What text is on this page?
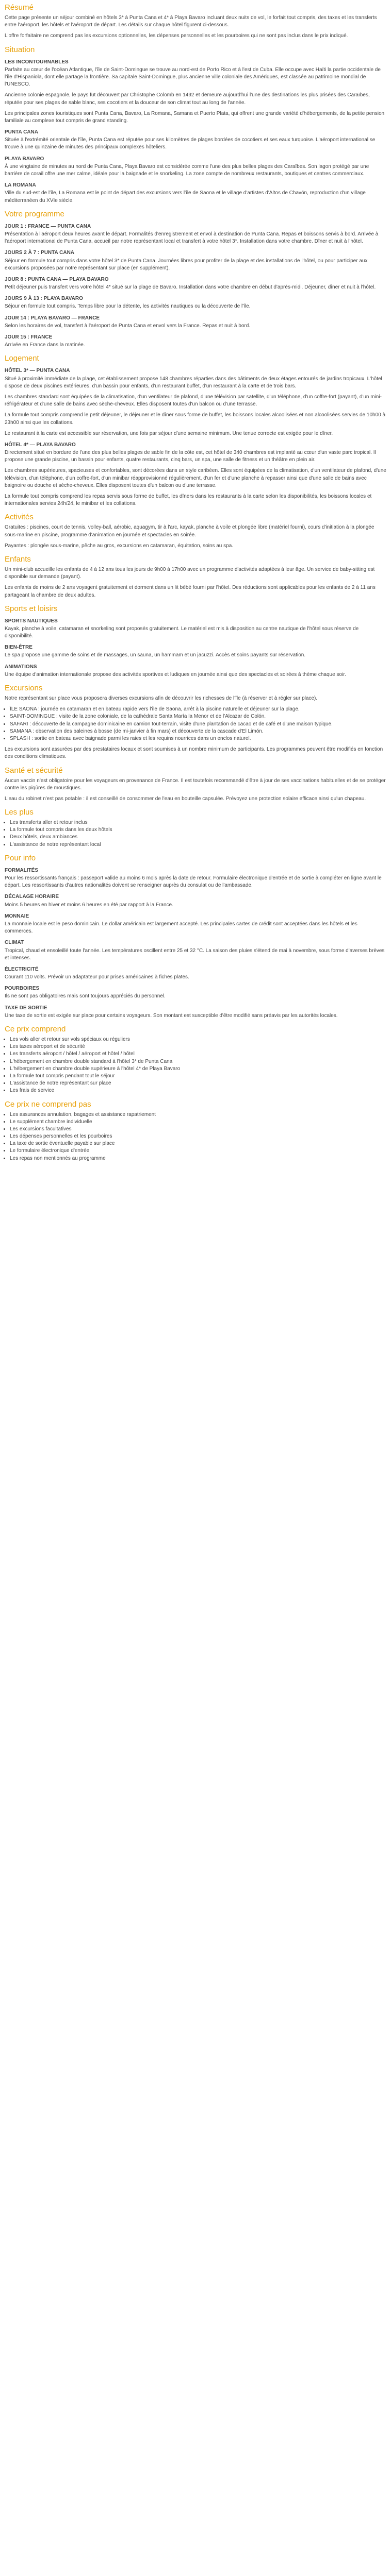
Résumé

Cette page présente un séjour combiné en hôtels 3* à Punta Cana et 4* à Playa Bavaro incluant deux nuits de vol, le forfait tout compris, des taxes et les transferts entre l'aéroport, les hôtels et l'aéroport de départ. Les détails sur chaque hôtel figurent ci-dessous.

L'offre forfaitaire ne comprend pas les excursions optionnelles, les dépenses personnelles et les pourboires qui ne sont pas inclus dans le prix indiqué.

Situation
LES INCONTOURNABLES

Parfaite au cœur de l'océan Atlantique, l'île de Saint-Domingue se trouve au nord-est de Porto Rico et à l'est de Cuba. Elle occupe avec Haïti la partie occidentale de l'île d'Hispaniola, dont elle partage la frontière. Sa capitale Saint-Domingue, plus ancienne ville coloniale des Amériques, est classée au patrimoine mondial de l'UNESCO.

Ancienne colonie espagnole, le pays fut découvert par Christophe Colomb en 1492 et demeure aujourd'hui l'une des destinations les plus prisées des Caraïbes, réputée pour ses plages de sable blanc, ses cocotiers et la douceur de son climat tout au long de l'année.

Les principales zones touristiques sont Punta Cana, Bavaro, La Romana, Samana et Puerto Plata, qui offrent une grande variété d'hébergements, de la petite pension familiale au complexe tout compris de grand standing.

PUNTA CANA

Située à l'extrémité orientale de l'île, Punta Cana est réputée pour ses kilomètres de plages bordées de cocotiers et ses eaux turquoise. L'aéroport international se trouve à une quinzaine de minutes des principaux complexes hôteliers.

PLAYA BAVARO

À une vingtaine de minutes au nord de Punta Cana, Playa Bavaro est considérée comme l'une des plus belles plages des Caraïbes. Son lagon protégé par une barrière de corail offre une mer calme, idéale pour la baignade et le snorkeling. La zone compte de nombreux restaurants, boutiques et centres commerciaux.

LA ROMANA

Ville du sud-est de l'île, La Romana est le point de départ des excursions vers l'île de Saona et le village d'artistes d'Altos de Chavón, reproduction d'un village méditerranéen du XVIe siècle.

Votre programme
JOUR 1 : FRANCE — PUNTA CANA

Présentation à l'aéroport deux heures avant le départ. Formalités d'enregistrement et envol à destination de Punta Cana. Repas et boissons servis à bord. Arrivée à l'aéroport international de Punta Cana, accueil par notre représentant local et transfert à votre hôtel 3*. Installation dans votre chambre. Dîner et nuit à l'hôtel.

JOURS 2 À 7 : PUNTA CANA

Séjour en formule tout compris dans votre hôtel 3* de Punta Cana. Journées libres pour profiter de la plage et des installations de l'hôtel, ou pour participer aux excursions proposées par notre représentant sur place (en supplément).

JOUR 8 : PUNTA CANA — PLAYA BAVARO

Petit déjeuner puis transfert vers votre hôtel 4* situé sur la plage de Bavaro. Installation dans votre chambre en début d'après-midi. Déjeuner, dîner et nuit à l'hôtel.

JOURS 9 À 13 : PLAYA BAVARO

Séjour en formule tout compris. Temps libre pour la détente, les activités nautiques ou la découverte de l'île.

JOUR 14 : PLAYA BAVARO — FRANCE

Selon les horaires de vol, transfert à l'aéroport de Punta Cana et envol vers la France. Repas et nuit à bord.

JOUR 15 : FRANCE

Arrivée en France dans la matinée.

Logement
HÔTEL 3* — PUNTA CANA

Situé à proximité immédiate de la plage, cet établissement propose 148 chambres réparties dans des bâtiments de deux étages entourés de jardins tropicaux. L'hôtel dispose de deux piscines extérieures, d'un bassin pour enfants, d'un restaurant buffet, d'un restaurant à la carte et de trois bars.

Les chambres standard sont équipées de la climatisation, d'un ventilateur de plafond, d'une télévision par satellite, d'un téléphone, d'un coffre-fort (payant), d'un mini-réfrigérateur et d'une salle de bains avec sèche-cheveux. Elles disposent toutes d'un balcon ou d'une terrasse.

La formule tout compris comprend le petit déjeuner, le déjeuner et le dîner sous forme de buffet, les boissons locales alcoolisées et non alcoolisées servies de 10h00 à 23h00 ainsi que les collations.

Le restaurant à la carte est accessible sur réservation, une fois par séjour d'une semaine minimum. Une tenue correcte est exigée pour le dîner.

HÔTEL 4* — PLAYA BAVARO

Directement situé en bordure de l'une des plus belles plages de sable fin de la côte est, cet hôtel de 340 chambres est implanté au cœur d'un vaste parc tropical. Il propose une grande piscine, un bassin pour enfants, quatre restaurants, cinq bars, un spa, une salle de fitness et un théâtre en plein air.

Les chambres supérieures, spacieuses et confortables, sont décorées dans un style caribéen. Elles sont équipées de la climatisation, d'un ventilateur de plafond, d'une télévision, d'un téléphone, d'un coffre-fort, d'un minibar réapprovisionné régulièrement, d'un fer et d'une planche à repasser ainsi que d'une salle de bains avec baignoire ou douche et sèche-cheveux. Elles disposent toutes d'un balcon ou d'une terrasse.

La formule tout compris comprend les repas servis sous forme de buffet, les dîners dans les restaurants à la carte selon les disponibilités, les boissons locales et internationales servies 24h/24, le minibar et les collations.

Activités

Gratuites : piscines, court de tennis, volley-ball, aérobic, aquagym, tir à l'arc, kayak, planche à voile et plongée libre (matériel fourni), cours d'initiation à la plongée sous-marine en piscine, programme d'animation en journée et spectacles en soirée.

Payantes : plongée sous-marine, pêche au gros, excursions en catamaran, équitation, soins au spa.

Enfants

Un mini-club accueille les enfants de 4 à 12 ans tous les jours de 9h00 à 17h00 avec un programme d'activités adaptées à leur âge. Un service de baby-sitting est disponible sur demande (payant).

Les enfants de moins de 2 ans voyagent gratuitement et dorment dans un lit bébé fourni par l'hôtel. Des réductions sont applicables pour les enfants de 2 à 11 ans partageant la chambre de deux adultes.

Sports et loisirs
SPORTS NAUTIQUES

Kayak, planche à voile, catamaran et snorkeling sont proposés gratuitement. Le matériel est mis à disposition au centre nautique de l'hôtel sous réserve de disponibilité.

BIEN-ÊTRE

Le spa propose une gamme de soins et de massages, un sauna, un hammam et un jacuzzi. Accès et soins payants sur réservation.

ANIMATIONS

Une équipe d'animation internationale propose des activités sportives et ludiques en journée ainsi que des spectacles et soirées à thème chaque soir.

Excursions

Notre représentant sur place vous proposera diverses excursions afin de découvrir les richesses de l'île (à réserver et à régler sur place).

• ÎLE SAONA : journée en catamaran et en bateau rapide vers l'île de Saona, arrêt à la piscine naturelle et déjeuner sur la plage.
• SAINT-DOMINGUE : visite de la zone coloniale, de la cathédrale Santa María la Menor et de l'Alcazar de Colón.
• SAFARI : découverte de la campagne dominicaine en camion tout-terrain, visite d'une plantation de cacao et de café et d'une maison typique.
• SAMANA : observation des baleines à bosse (de mi-janvier à fin mars) et découverte de la cascade d'El Limón.
• SPLASH : sortie en bateau avec baignade parmi les raies et les requins nourrices dans un enclos naturel.

Les excursions sont assurées par des prestataires locaux et sont soumises à un nombre minimum de participants. Les programmes peuvent être modifiés en fonction des conditions climatiques.

Santé et sécurité

Aucun vaccin n'est obligatoire pour les voyageurs en provenance de France. Il est toutefois recommandé d'être à jour de ses vaccinations habituelles et de se protéger contre les piqûres de moustiques.

L'eau du robinet n'est pas potable : il est conseillé de consommer de l'eau en bouteille capsulée. Prévoyez une protection solaire efficace ainsi qu'un chapeau.

Les plus
• Les transferts aller et retour inclus
• La formule tout compris dans les deux hôtels
• Deux hôtels, deux ambiances
• L'assistance de notre représentant local
Pour info
FORMALITÉS

Pour les ressortissants français : passeport valide au moins 6 mois après la date de retour. Formulaire électronique d'entrée et de sortie à compléter en ligne avant le départ. Les ressortissants d'autres nationalités doivent se renseigner auprès du consulat ou de l'ambassade.

DÉCALAGE HORAIRE

Moins 5 heures en hiver et moins 6 heures en été par rapport à la France.

MONNAIE

La monnaie locale est le peso dominicain. Le dollar américain est largement accepté. Les principales cartes de crédit sont acceptées dans les hôtels et les commerces.

CLIMAT

Tropical, chaud et ensoleillé toute l'année. Les températures oscillent entre 25 et 32 °C. La saison des pluies s'étend de mai à novembre, sous forme d'averses brèves et intenses.

ÉLECTRICITÉ

Courant 110 volts. Prévoir un adaptateur pour prises américaines à fiches plates.

POURBOIRES

Ils ne sont pas obligatoires mais sont toujours appréciés du personnel.

TAXE DE SORTIE

Une taxe de sortie est exigée sur place pour certains voyageurs. Son montant est susceptible d'être modifié sans préavis par les autorités locales.

Ce prix comprend
• Les vols aller et retour sur vols spéciaux ou réguliers
• Les taxes aéroport et de sécurité
• Les transferts aéroport / hôtel / aéroport et hôtel / hôtel
• L'hébergement en chambre double standard à l'hôtel 3* de Punta Cana
• L'hébergement en chambre double supérieure à l'hôtel 4* de Playa Bavaro
• La formule tout compris pendant tout le séjour
• L'assistance de notre représentant sur place
• Les frais de service
Ce prix ne comprend pas
• Les assurances annulation, bagages et assistance rapatriement
• Le supplément chambre individuelle
• Les excursions facultatives
• Les dépenses personnelles et les pourboires
• La taxe de sortie éventuelle payable sur place
• Le formulaire électronique d'entrée
• Les repas non mentionnés au programme
